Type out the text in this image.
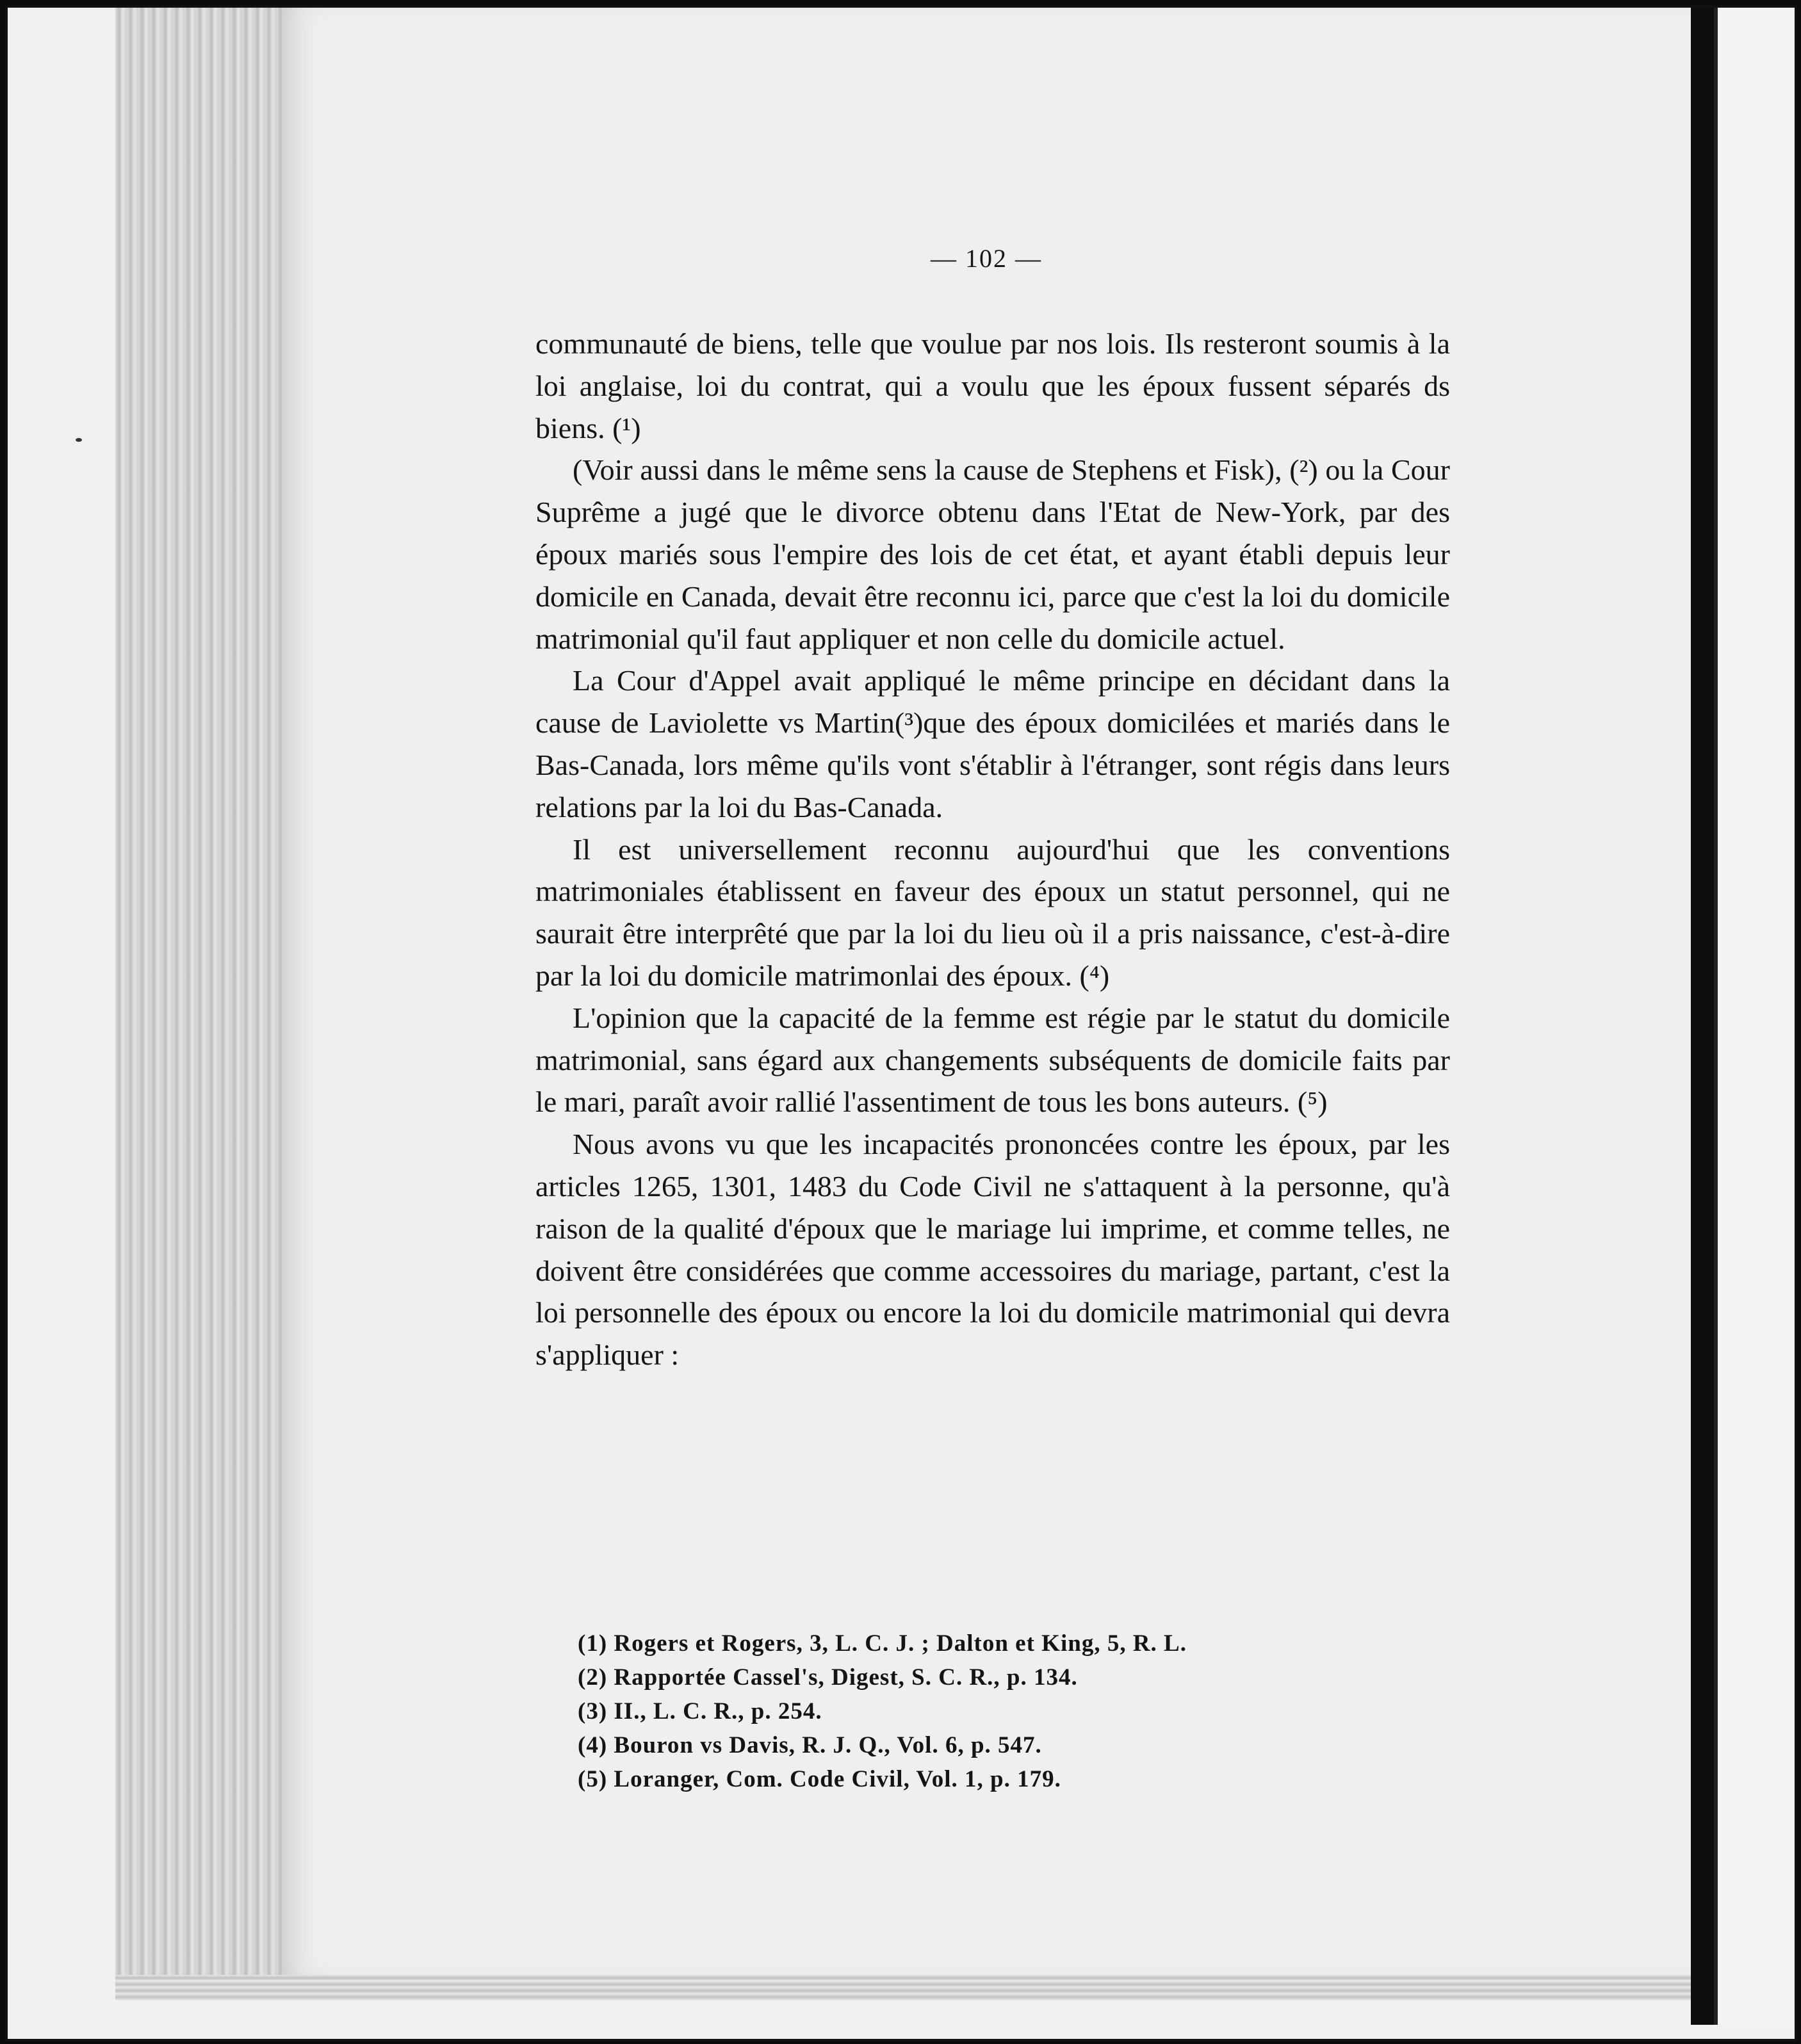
— 102 —

communauté de biens, telle que voulue par nos lois. Ils resteront soumis à la loi anglaise, loi du contrat, qui a voulu que les époux fussent séparés ds biens. (¹)

(Voir aussi dans le même sens la cause de Stephens et Fisk), (²) ou la Cour Suprême a jugé que le divorce obtenu dans l'Etat de New-York, par des époux mariés sous l'empire des lois de cet état, et ayant établi depuis leur domicile en Canada, devait être reconnu ici, parce que c'est la loi du domicile matrimonial qu'il faut appliquer et non celle du domicile actuel.

La Cour d'Appel avait appliqué le même principe en décidant dans la cause de Laviolette vs Martin(³)que des époux domicilées et mariés dans le Bas-Canada, lors même qu'ils vont s'établir à l'étranger, sont régis dans leurs relations par la loi du Bas-Canada.

Il est universellement reconnu aujourd'hui que les conventions matrimoniales établissent en faveur des époux un statut personnel, qui ne saurait être interprêté que par la loi du lieu où il a pris naissance, c'est-à-dire par la loi du domicile matrimonlai des époux. (⁴)

L'opinion que la capacité de la femme est régie par le statut du domicile matrimonial, sans égard aux changements subséquents de domicile faits par le mari, paraît avoir rallié l'assentiment de tous les bons auteurs. (⁵)

Nous avons vu que les incapacités prononcées contre les époux, par les articles 1265, 1301, 1483 du Code Civil ne s'attaquent à la personne, qu'à raison de la qualité d'époux que le mariage lui imprime, et comme telles, ne doivent être considérées que comme accessoires du mariage, partant, c'est la loi personnelle des époux ou encore la loi du domicile matrimonial qui devra s'appliquer :

(1) Rogers et Rogers, 3, L. C. J. ; Dalton et King, 5, R. L.

(2) Rapportée Cassel's, Digest, S. C. R., p. 134.

(3) II., L. C. R., p. 254.

(4) Bouron vs Davis, R. J. Q., Vol. 6, p. 547.

(5) Loranger, Com. Code Civil, Vol. 1, p. 179.
